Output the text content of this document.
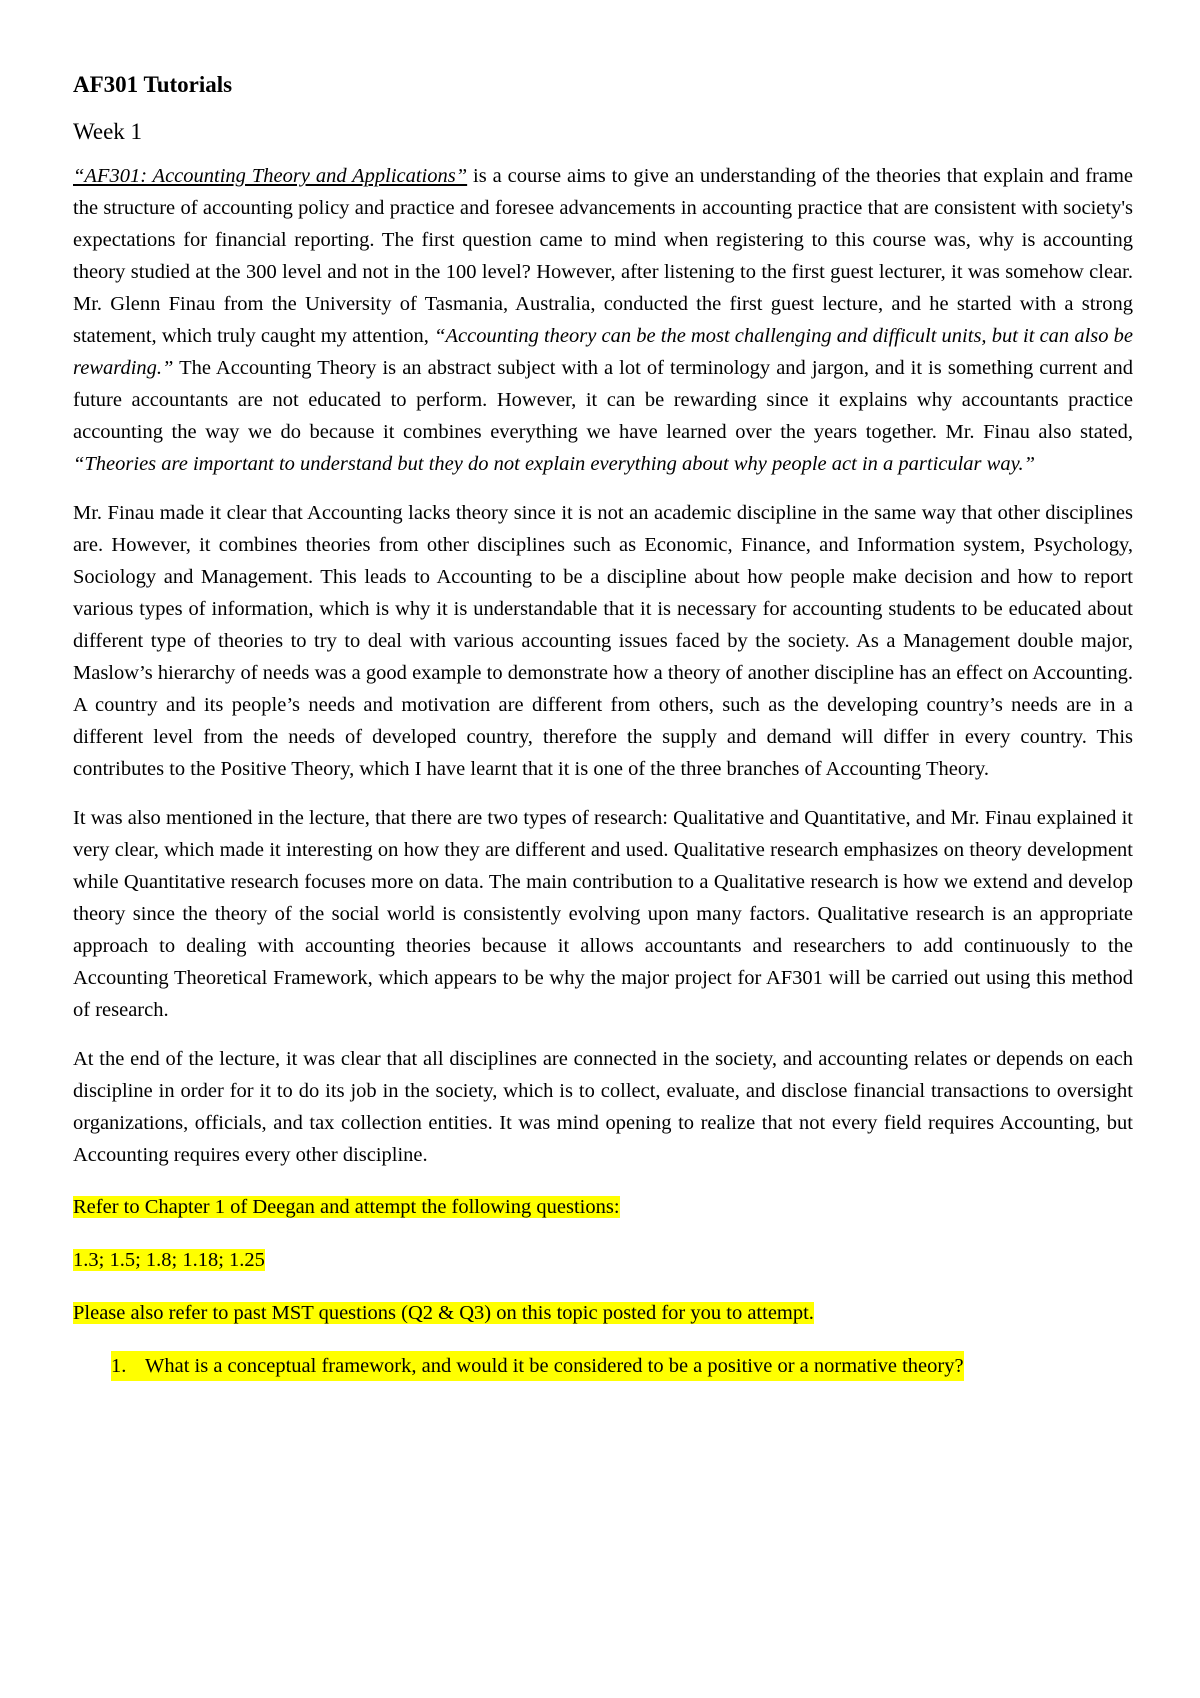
AF301 Tutorials
Week 1

“AF301: Accounting Theory and Applications” is a course aims to give an understanding of the theories that explain and frame the structure of accounting policy and practice and foresee advancements in accounting practice that are consistent with society's expectations for financial reporting. The first question came to mind when registering to this course was, why is accounting theory studied at the 300 level and not in the 100 level? However, after listening to the first guest lecturer, it was somehow clear. Mr. Glenn Finau from the University of Tasmania, Australia, conducted the first guest lecture, and he started with a strong statement, which truly caught my attention, “Accounting theory can be the most challenging and difficult units, but it can also be rewarding.” The Accounting Theory is an abstract subject with a lot of terminology and jargon, and it is something current and future accountants are not educated to perform. However, it can be rewarding since it explains why accountants practice accounting the way we do because it combines everything we have learned over the years together. Mr. Finau also stated, “Theories are important to understand but they do not explain everything about why people act in a particular way.”

Mr. Finau made it clear that Accounting lacks theory since it is not an academic discipline in the same way that other disciplines are. However, it combines theories from other disciplines such as Economic, Finance, and Information system, Psychology, Sociology and Management. This leads to Accounting to be a discipline about how people make decision and how to report various types of information, which is why it is understandable that it is necessary for accounting students to be educated about different type of theories to try to deal with various accounting issues faced by the society. As a Management double major, Maslow’s hierarchy of needs was a good example to demonstrate how a theory of another discipline has an effect on Accounting. A country and its people’s needs and motivation are different from others, such as the developing country’s needs are in a different level from the needs of developed country, therefore the supply and demand will differ in every country. This contributes to the Positive Theory, which I have learnt that it is one of the three branches of Accounting Theory.

It was also mentioned in the lecture, that there are two types of research: Qualitative and Quantitative, and Mr. Finau explained it very clear, which made it interesting on how they are different and used. Qualitative research emphasizes on theory development while Quantitative research focuses more on data. The main contribution to a Qualitative research is how we extend and develop theory since the theory of the social world is consistently evolving upon many factors. Qualitative research is an appropriate approach to dealing with accounting theories because it allows accountants and researchers to add continuously to the Accounting Theoretical Framework, which appears to be why the major project for AF301 will be carried out using this method of research.

At the end of the lecture, it was clear that all disciplines are connected in the society, and accounting relates or depends on each discipline in order for it to do its job in the society, which is to collect, evaluate, and disclose financial transactions to oversight organizations, officials, and tax collection entities. It was mind opening to realize that not every field requires Accounting, but Accounting requires every other discipline.

Refer to Chapter 1 of Deegan and attempt the following questions:
1.3; 1.5; 1.8; 1.18; 1.25
Please also refer to past MST questions (Q2 & Q3) on this topic posted for you to attempt.
1. What is a conceptual framework, and would it be considered to be a positive or a normative theory?
